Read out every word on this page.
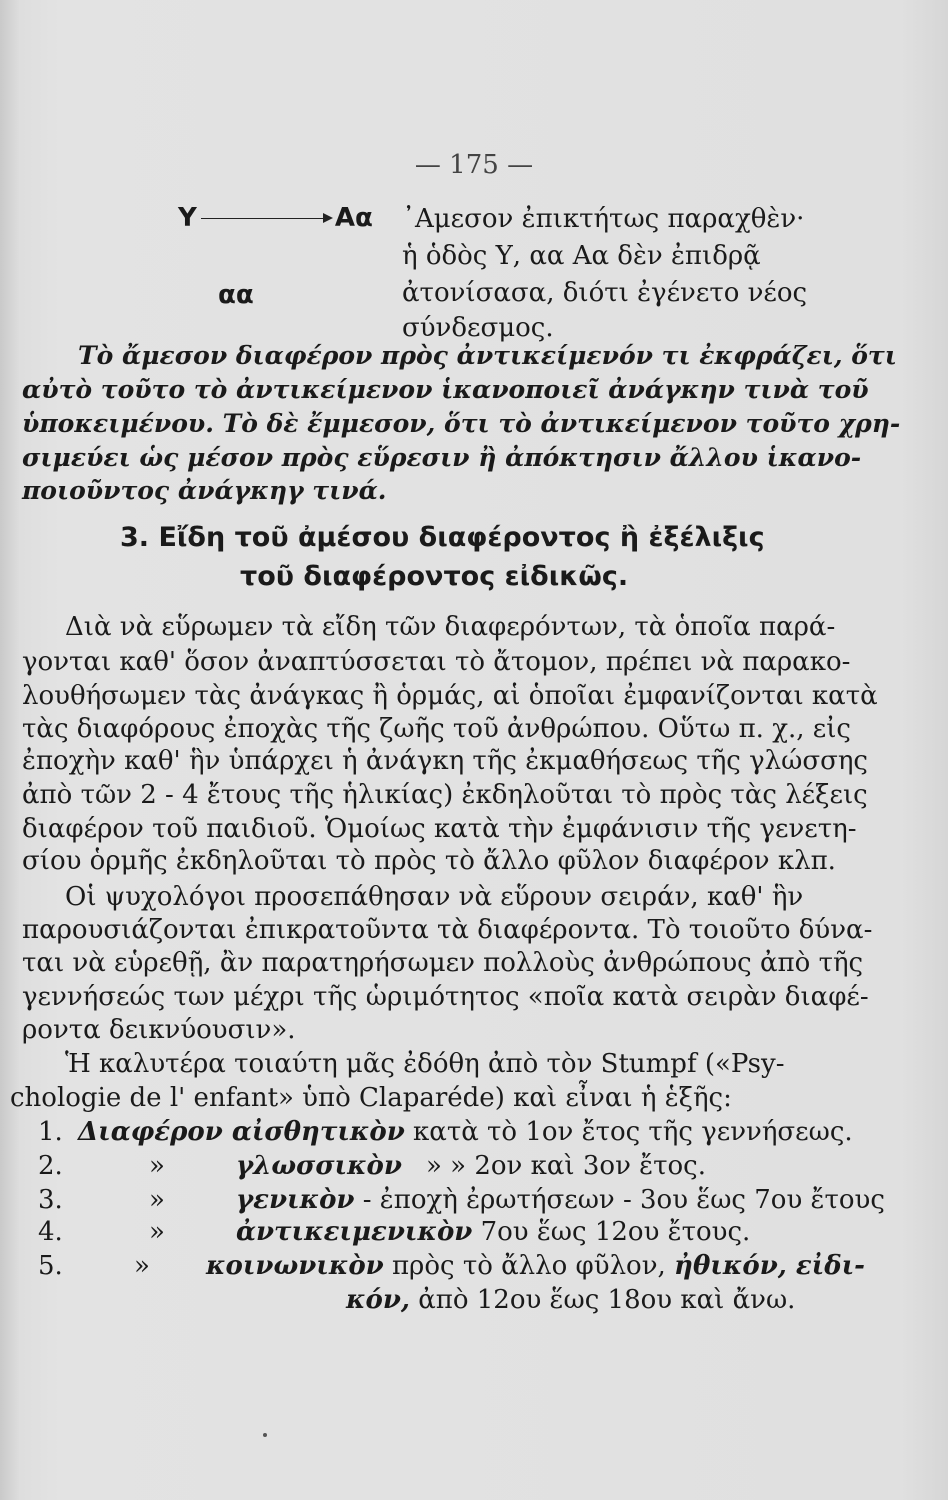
— 175 —
Υ	Αα
αα
᾿Αμεσον ἐπικτήτως παραχθὲν·
ἡ ὁδὸς Υ, αα Αα δὲν ἐπιδρᾷ
ἀτονίσασα, διότι ἐγένετο νέος
σύνδεσμος.
Τὸ ἄμεσον διαφέρον πρὸς ἀντικείμενόν τι ἐκφράζει, ὅτι
αὐτὸ τοῦτο τὸ ἀντικείμενον ἱκανοποιεῖ ἀνάγκην τινὰ τοῦ
ὑποκειμένου. Τὸ δὲ ἔμμεσον, ὅτι τὸ ἀντικείμενον τοῦτο χρη-
σιμεύει ὡς μέσον πρὸς εὕρεσιν ἢ ἀπόκτησιν ἄλλου ἱκανο-
ποιοῦντος ἀνάγκηγ τινά.
3. Εἴδη τοῦ ἀμέσου διαφέροντος ἢ ἐξέλιξις
τοῦ διαφέροντος εἰδικῶς.
Διὰ νὰ εὕρωμεν τὰ εἴδη τῶν διαφερόντων, τὰ ὁποῖα παρά-
γονται καθ' ὅσον ἀναπτύσσεται τὸ ἄτομον, πρέπει νὰ παρακο-
λουθήσωμεν τὰς ἀνάγκας ἢ ὁρμάς, αἱ ὁποῖαι ἐμφανίζονται κατὰ
τὰς διαφόρους ἐποχὰς τῆς ζωῆς τοῦ ἀνθρώπου. Οὕτω π. χ., εἰς
ἐποχὴν καθ' ἣν ὑπάρχει ἡ ἀνάγκη τῆς ἐκμαθήσεως τῆς γλώσσης
ἀπὸ τῶν 2 - 4 ἔτους τῆς ἡλικίας) ἐκδηλοῦται τὸ πρὸς τὰς λέξεις
διαφέρον τοῦ παιδιοῦ. Ὁμοίως κατὰ τὴν ἐμφάνισιν τῆς γενετη-
σίου ὁρμῆς ἐκδηλοῦται τὸ πρὸς τὸ ἄλλο φῦλον διαφέρον κλπ.
Οἱ ψυχολόγοι προσεπάθησαν νὰ εὕρουν σειράν, καθ' ἣν
παρουσιάζονται ἐπικρατοῦντα τὰ διαφέροντα. Τὸ τοιοῦτο δύνα-
ται νὰ εὑρεθῇ, ἂν παρατηρήσωμεν πολλοὺς ἀνθρώπους ἀπὸ τῆς
γεννήσεώς των μέχρι τῆς ὡριμότητος «ποῖα κατὰ σειρὰν διαφέ-
ροντα δεικνύουσιν».
Ἡ καλυτέρα τοιαύτη μᾶς ἐδόθη ἀπὸ τὸν Stumpf («Psy-
chologie de l' enfant» ὑπὸ Claparéde) καὶ εἶναι ἡ ἑξῆς:
1. Διαφέρον αἰσθητικὸν κατὰ τὸ 1ον ἔτος τῆς γεννήσεως.
2.	»	γλωσσικὸν » » 2ον καὶ 3ον ἔτος.
3.	»	γενικὸν - ἐποχὴ ἐρωτήσεων - 3ου ἕως 7ου ἔτους
4.	»	ἀντικειμενικὸν 7ου ἕως 12ου ἔτους.
5.	» κοινωνικὸν πρὸς τὸ ἄλλο φῦλον, ἠθικόν, εἰδι-
κόν, ἀπὸ 12ου ἕως 18ου καὶ ἄνω.
